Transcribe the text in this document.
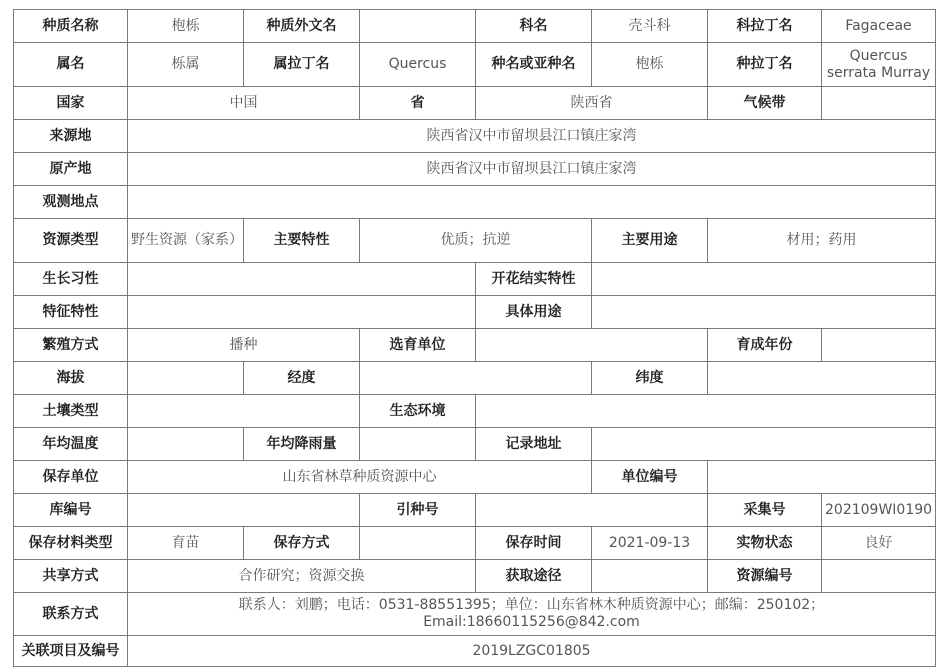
种质名称	枹栎	种质外文名		科名	壳斗科	科拉丁名	Fagaceae
属名	栎属	属拉丁名	Quercus	种名或亚种名	枹栎	种拉丁名	Quercus serrata Murray
国家	中国		省	陕西省		气候带	
来源地	陕西省汉中市留坝县江口镇庄家湾						
原产地	陕西省汉中市留坝县江口镇庄家湾						
观测地点							
资源类型	野生资源（家系）	主要特性	优质；抗逆		主要用途	材用；药用	
生长习性				开花结实特性			
特征特性				具体用途			
繁殖方式	播种		选育单位			育成年份	
海拔		经度			纬度		
土壤类型			生态环境				
年均温度		年均降雨量		记录地址			
保存单位	山东省林草种质资源中心				单位编号		
库编号			引种号			采集号	202109WI0190
保存材料类型	育苗	保存方式		保存时间	2021-09-13	实物状态	良好
共享方式	合作研究；资源交换			获取途径		资源编号	
联系方式	联系人：刘鹏；电话：0531-88551395；单位：山东省林木种质资源中心；邮编：250102；
Email:18660115256@842.com						

关联项目及编号	2019LZGC01805						
